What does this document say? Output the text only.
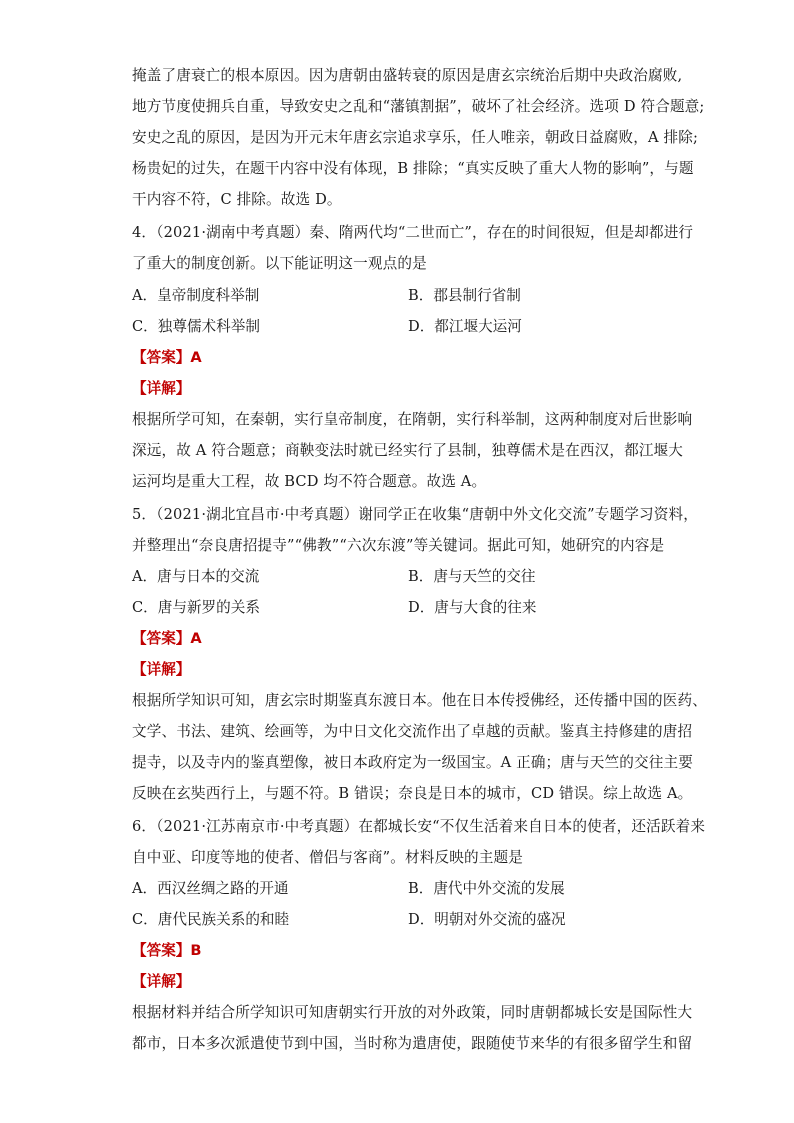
掩盖了唐衰亡的根本原因。因为唐朝由盛转衰的原因是唐玄宗统治后期中央政治腐败,
地方节度使拥兵自重，导致安史之乱和“藩镇割据”，破坏了社会经济。选项 D 符合题意;
安史之乱的原因，是因为开元末年唐玄宗追求享乐，任人唯亲，朝政日益腐败，A 排除;
杨贵妃的过失，在题干内容中没有体现，B 排除；“真实反映了重大人物的影响”，与题
干内容不符，C 排除。故选 D。
4．（2021·湖南中考真题）秦、隋两代均“二世而亡”，存在的时间很短，但是却都进行
了重大的制度创新。以下能证明这一观点的是
A．皇帝制度科举制	B．郡县制行省制
C．独尊儒术科举制	D．都江堰大运河
【答案】A
【详解】
根据所学可知，在秦朝，实行皇帝制度，在隋朝，实行科举制，这两种制度对后世影响
深远，故 A 符合题意；商鞅变法时就已经实行了县制，独尊儒术是在西汉，都江堰大
运河均是重大工程，故 BCD 均不符合题意。故选 A。
5．（2021·湖北宜昌市·中考真题）谢同学正在收集“唐朝中外文化交流”专题学习资料，
并整理出“奈良唐招提寺”“佛教”“六次东渡”等关键词。据此可知，她研究的内容是
A．唐与日本的交流	B．唐与天竺的交往
C．唐与新罗的关系	D．唐与大食的往来
【答案】A
【详解】
根据所学知识可知，唐玄宗时期鉴真东渡日本。他在日本传授佛经，还传播中国的医药、
文学、书法、建筑、绘画等，为中日文化交流作出了卓越的贡献。鉴真主持修建的唐招
提寺，以及寺内的鉴真塑像，被日本政府定为一级国宝。A 正确；唐与天竺的交往主要
反映在玄奘西行上，与题不符。B 错误；奈良是日本的城市，CD 错误。综上故选 A。
6．（2021·江苏南京市·中考真题）在都城长安“不仅生活着来自日本的使者，还活跃着来
自中亚、印度等地的使者、僧侣与客商”。材料反映的主题是
A．西汉丝绸之路的开通	B．唐代中外交流的发展
C．唐代民族关系的和睦	D．明朝对外交流的盛况
【答案】B
【详解】
根据材料并结合所学知识可知唐朝实行开放的对外政策，同时唐朝都城长安是国际性大
都市，日本多次派遣使节到中国，当时称为遣唐使，跟随使节来华的有很多留学生和留
